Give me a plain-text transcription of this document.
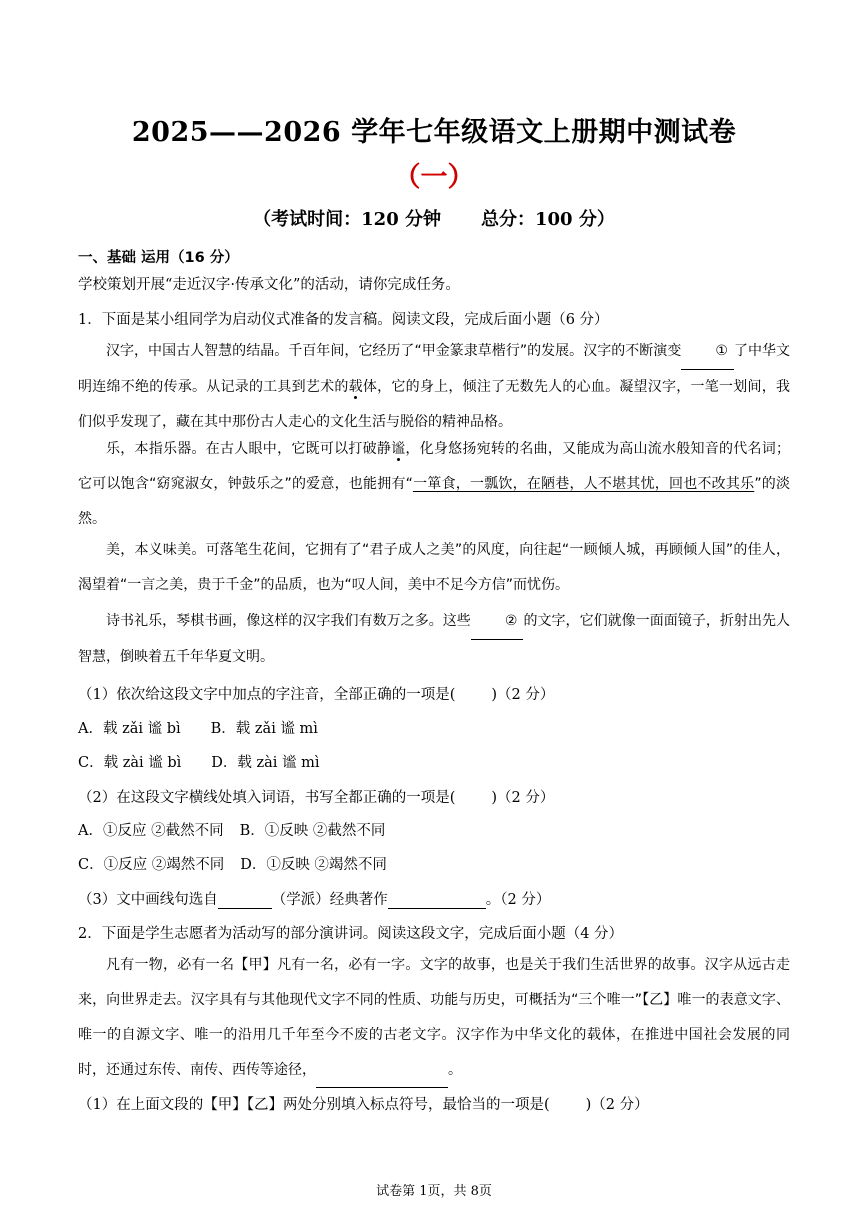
2025——2026 学年七年级语文上册期中测试卷
（一）
（考试时间：120 分钟 总分：100 分）
一、基础 运用（16 分）
学校策划开展“走近汉字·传承文化”的活动，请你完成任务。
1．下面是某小组同学为启动仪式准备的发言稿。阅读文段，完成后面小题（6 分）
汉字，中国古人智慧的结晶。千百年间，它经历了“甲金篆隶草楷行”的发展。汉字的不断演变 ① 了中华文明连绵不绝的传承。从记录的工具到艺术的载体，它的身上，倾注了无数先人的心血。凝望汉字，一笔一划间，我们似乎发现了，藏在其中那份古人走心的文化生活与脱俗的精神品格。
乐，本指乐器。在古人眼中，它既可以打破静谧，化身悠扬宛转的名曲，又能成为高山流水般知音的代名词；它可以饱含“窈窕淑女，钟鼓乐之”的爱意，也能拥有“一箪食，一瓢饮，在陋巷，人不堪其忧，回也不改其乐”的淡然。
美，本义味美。可落笔生花间，它拥有了“君子成人之美”的风度，向往起“一顾倾人城，再顾倾人国”的佳人，渴望着“一言之美，贵于千金”的品质，也为“叹人间，美中不足今方信”而忧伤。
诗书礼乐，琴棋书画，像这样的汉字我们有数万之多。这些 ② 的文字，它们就像一面面镜子，折射出先人智慧，倒映着五千年华夏文明。
（1）依次给这段文字中加点的字注音，全部正确的一项是( )（2 分）
A．载 zǎi 谧 bì B．载 zǎi 谧 mì
C．载 zài 谧 bì D．载 zài 谧 mì
（2）在这段文字横线处填入词语，书写全都正确的一项是( )（2 分）
A．①反应 ②截然不同 B．①反映 ②截然不同
C．①反应 ②竭然不同 D．①反映 ②竭然不同
（3）文中画线句选自	（学派）经典著作	。（2 分）
2．下面是学生志愿者为活动写的部分演讲词。阅读这段文字，完成后面小题（4 分）
凡有一物，必有一名【甲】凡有一名，必有一字。文字的故事，也是关于我们生活世界的故事。汉字从远古走来，向世界走去。汉字具有与其他现代文字不同的性质、功能与历史，可概括为“三个唯一”【乙】唯一的表意文字、唯一的自源文字、唯一的沿用几千年至今不废的古老文字。汉字作为中华文化的载体，在推进中国社会发展的同时，还通过东传、南传、西传等途径，	。
（1）在上面文段的【甲】【乙】两处分别填入标点符号，最恰当的一项是( )（2 分）
试卷第 1页，共 8页
